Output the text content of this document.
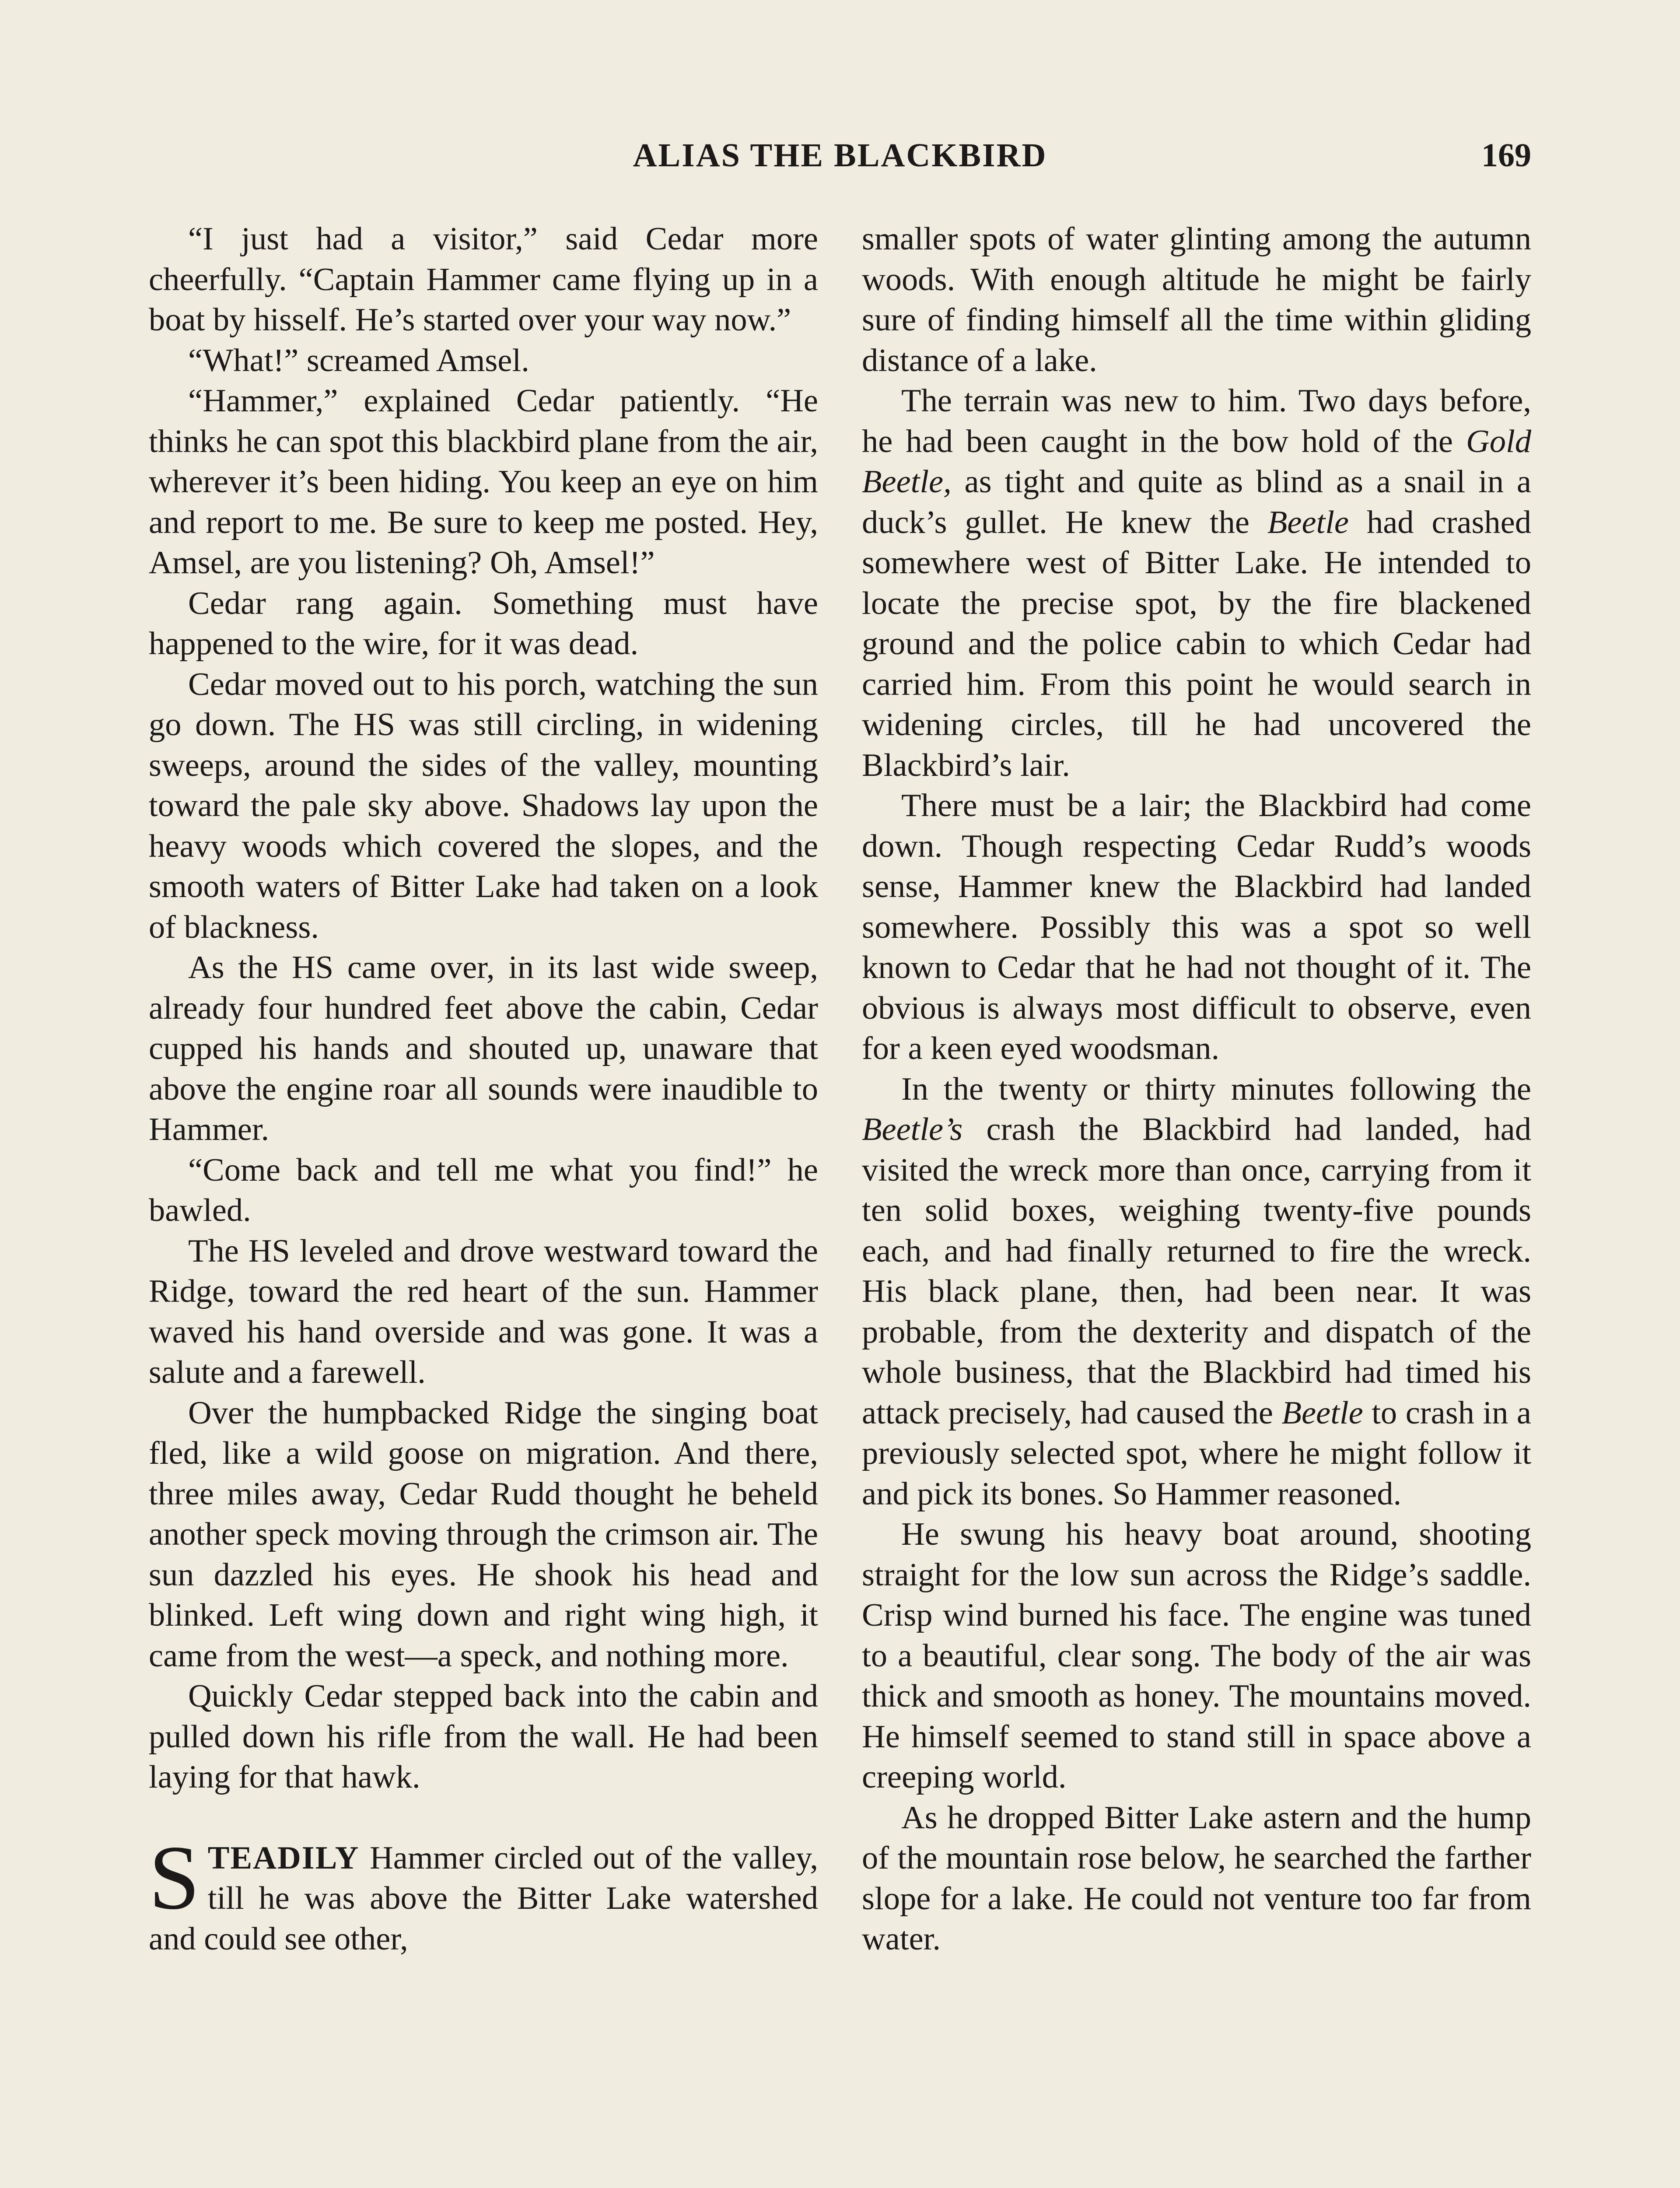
ALIAS THE BLACKBIRD	169

“I just had a visitor,” said Cedar more cheerfully. “Captain Hammer came flying up in a boat by hisself. He’s started over your way now.”

“What!” screamed Amsel.

“Hammer,” explained Cedar patiently. “He thinks he can spot this blackbird plane from the air, wherever it’s been hiding. You keep an eye on him and report to me. Be sure to keep me posted. Hey, Amsel, are you listening? Oh, Amsel!”

Cedar rang again. Something must have happened to the wire, for it was dead.

Cedar moved out to his porch, watching the sun go down. The HS was still circling, in widening sweeps, around the sides of the valley, mounting toward the pale sky above. Shadows lay upon the heavy woods which covered the slopes, and the smooth waters of Bitter Lake had taken on a look of blackness.

As the HS came over, in its last wide sweep, already four hundred feet above the cabin, Cedar cupped his hands and shouted up, unaware that above the engine roar all sounds were inaudible to Hammer.

“Come back and tell me what you find!” he bawled.

The HS leveled and drove westward toward the Ridge, toward the red heart of the sun. Hammer waved his hand overside and was gone. It was a salute and a farewell.

Over the humpbacked Ridge the singing boat fled, like a wild goose on migration. And there, three miles away, Cedar Rudd thought he beheld another speck moving through the crimson air. The sun dazzled his eyes. He shook his head and blinked. Left wing down and right wing high, it came from the west—a speck, and nothing more.

Quickly Cedar stepped back into the cabin and pulled down his rifle from the wall. He had been laying for that hawk.

STEADILY Hammer circled out of the valley, till he was above the Bitter Lake watershed and could see other,

smaller spots of water glinting among the autumn woods. With enough altitude he might be fairly sure of finding himself all the time within gliding distance of a lake.

The terrain was new to him. Two days before, he had been caught in the bow hold of the Gold Beetle, as tight and quite as blind as a snail in a duck’s gullet. He knew the Beetle had crashed somewhere west of Bitter Lake. He intended to locate the precise spot, by the fire blackened ground and the police cabin to which Cedar had carried him. From this point he would search in widening circles, till he had uncovered the Blackbird’s lair.

There must be a lair; the Blackbird had come down. Though respecting Cedar Rudd’s woods sense, Hammer knew the Blackbird had landed somewhere. Possibly this was a spot so well known to Cedar that he had not thought of it. The obvious is always most difficult to observe, even for a keen eyed woodsman.

In the twenty or thirty minutes following the Beetle’s crash the Blackbird had landed, had visited the wreck more than once, carrying from it ten solid boxes, weighing twenty-five pounds each, and had finally returned to fire the wreck. His black plane, then, had been near. It was probable, from the dexterity and dispatch of the whole business, that the Blackbird had timed his attack precisely, had caused the Beetle to crash in a previously selected spot, where he might follow it and pick its bones. So Hammer reasoned.

He swung his heavy boat around, shooting straight for the low sun across the Ridge’s saddle. Crisp wind burned his face. The engine was tuned to a beautiful, clear song. The body of the air was thick and smooth as honey. The mountains moved. He himself seemed to stand still in space above a creeping world.

As he dropped Bitter Lake astern and the hump of the mountain rose below, he searched the farther slope for a lake. He could not venture too far from water.
